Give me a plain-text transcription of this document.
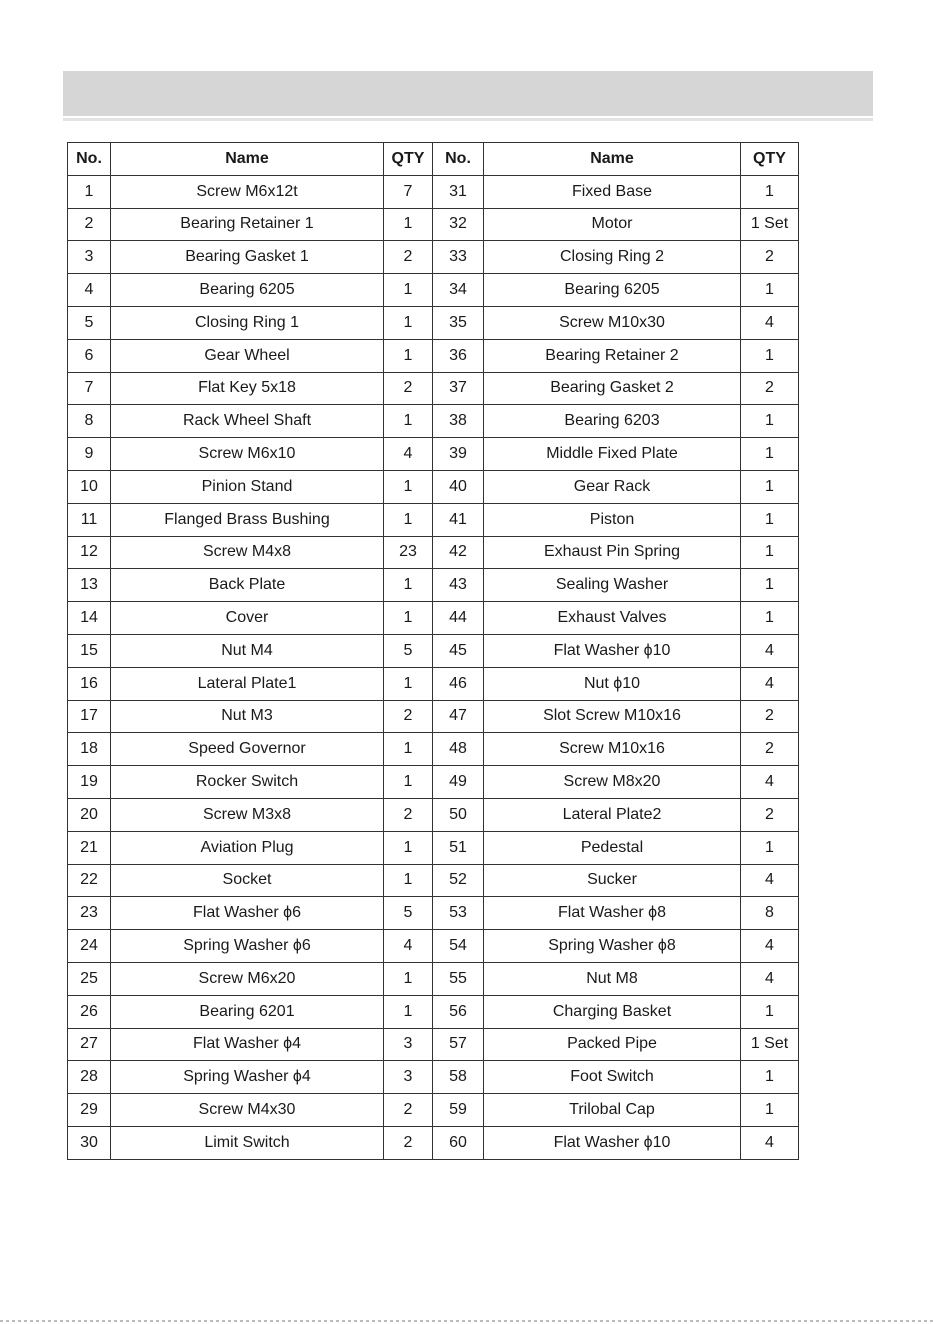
No.	Name	QTY	No.	Name	QTY
1	Screw M6x12t	7	31	Fixed Base	1
2	Bearing Retainer 1	1	32	Motor	1 Set
3	Bearing Gasket 1	2	33	Closing Ring 2	2
4	Bearing 6205	1	34	Bearing 6205	1
5	Closing Ring 1	1	35	Screw M10x30	4
6	Gear Wheel	1	36	Bearing Retainer 2	1
7	Flat Key 5x18	2	37	Bearing Gasket 2	2
8	Rack Wheel Shaft	1	38	Bearing 6203	1
9	Screw M6x10	4	39	Middle Fixed Plate	1
10	Pinion Stand	1	40	Gear Rack	1
11	Flanged Brass Bushing	1	41	Piston	1
12	Screw M4x8	23	42	Exhaust Pin Spring	1
13	Back Plate	1	43	Sealing Washer	1
14	Cover	1	44	Exhaust Valves	1
15	Nut M4	5	45	Flat Washer ϕ10	4
16	Lateral Plate1	1	46	Nut ϕ10	4
17	Nut M3	2	47	Slot Screw M10x16	2
18	Speed Governor	1	48	Screw M10x16	2
19	Rocker Switch	1	49	Screw M8x20	4
20	Screw M3x8	2	50	Lateral Plate2	2
21	Aviation Plug	1	51	Pedestal	1
22	Socket	1	52	Sucker	4
23	Flat Washer ϕ6	5	53	Flat Washer ϕ8	8
24	Spring Washer ϕ6	4	54	Spring Washer ϕ8	4
25	Screw M6x20	1	55	Nut M8	4
26	Bearing 6201	1	56	Charging Basket	1
27	Flat Washer ϕ4	3	57	Packed Pipe	1 Set
28	Spring Washer ϕ4	3	58	Foot Switch	1
29	Screw M4x30	2	59	Trilobal Cap	1
30	Limit Switch	2	60	Flat Washer ϕ10	4
